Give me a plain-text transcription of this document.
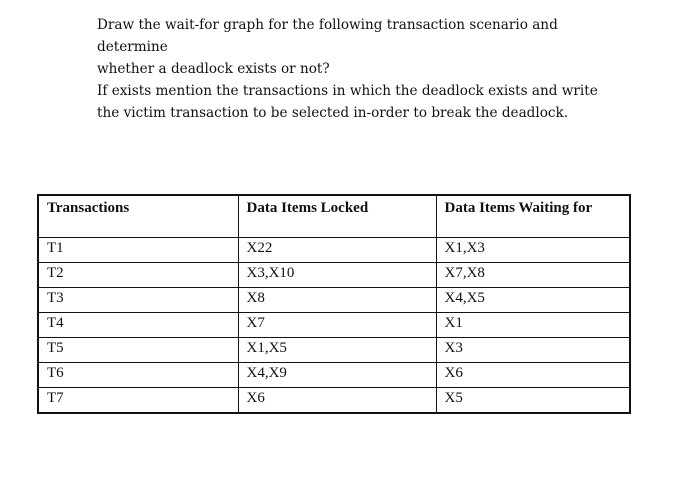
Draw the wait-for graph for the following transaction scenario and
determine
whether a deadlock exists or not?
If exists mention the transactions in which the deadlock exists and write
the victim transaction to be selected in-order to break the deadlock.
Transactions	Data Items Locked	Data Items Waiting for
T1	X22	X1,X3
T2	X3,X10	X7,X8
T3	X8	X4,X5
T4	X7	X1
T5	X1,X5	X3
T6	X4,X9	X6
T7	X6	X5
